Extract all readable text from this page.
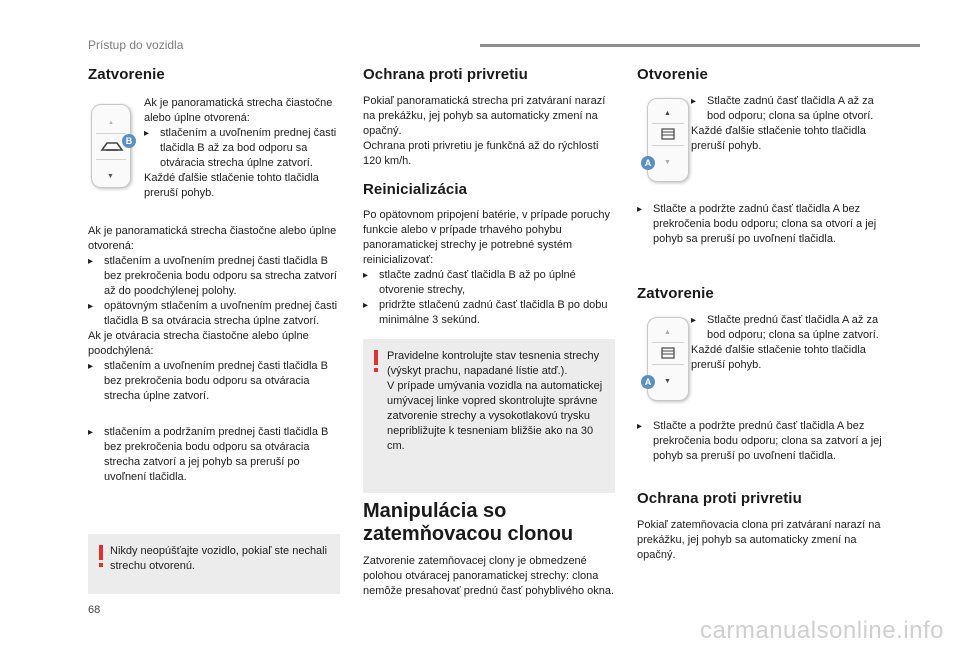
Prístup do vozidla
Zatvorenie
▲
▼
B

Ak je panoramatická strecha čiastočne alebo úplne otvorená:

▸ stlačením a uvoľnením prednej časti tlačidla B až za bod odporu sa otváracia strecha úplne zatvorí.

Každé ďalšie stlačenie tohto tlačidla preruší pohyb.

Ak je panoramatická strecha čiastočne alebo úplne otvorená:

▸ stlačením a uvoľnením prednej časti tlačidla B bez prekročenia bodu odporu sa strecha zatvorí až do poodchýlenej polohy.
▸ opätovným stlačením a uvoľnením prednej časti tlačidla B sa otváracia strecha úplne zatvorí.

Ak je otváracia strecha čiastočne alebo úplne poodchýlená:

▸ stlačením a uvoľnením prednej časti tlačidla B bez prekročenia bodu odporu sa otváracia strecha úplne zatvorí.
▸ stlačením a podržaním prednej časti tlačidla B bez prekročenia bodu odporu sa otváracia strecha zatvorí a jej pohyb sa preruší po uvoľnení tlačidla.
Nikdy neopúšťajte vozidlo, pokiaľ ste nechali strechu otvorenú.
Ochrana proti privretiu

Pokiaľ panoramatická strecha pri zatváraní narazí na prekážku, jej pohyb sa automaticky zmení na opačný.

Ochrana proti privretiu je funkčná až do rýchlosti 120 km/h.

Reinicializácia

Po opätovnom pripojení batérie, v prípade poruchy funkcie alebo v prípade trhavého pohybu panoramatickej strechy je potrebné systém reinicializovať:

▸ stlačte zadnú časť tlačidla B až po úplné otvorenie strechy,
▸ pridržte stlačenú zadnú časť tlačidla B po dobu minimálne 3 sekúnd.
Pravidelne kontrolujte stav tesnenia strechy (výskyt prachu, napadané lístie atď.).
V prípade umývania vozidla na automatickej umývacej linke vopred skontrolujte správne zatvorenie strechy a vysokotlakovú trysku nepribližujte k tesneniam bližšie ako na 30 cm.
Manipulácia so zatemňovacou clonou

Zatvorenie zatemňovacej clony je obmedzené polohou otváracej panoramatickej strechy: clona nemôže presahovať prednú časť pohyblivého okna.

Otvorenie
▲
▼
A
▸ Stlačte zadnú časť tlačidla A až za bod odporu; clona sa úplne otvorí.

Každé ďalšie stlačenie tohto tlačidla preruší pohyb.

▸ Stlačte a podržte zadnú časť tlačidla A bez prekročenia bodu odporu; clona sa otvorí a jej pohyb sa preruší po uvoľnení tlačidla.
Zatvorenie
▲
▼
A
▸ Stlačte prednú časť tlačidla A až za bod odporu; clona sa úplne zatvorí.

Každé ďalšie stlačenie tohto tlačidla preruší pohyb.

▸ Stlačte a podržte prednú časť tlačidla A bez prekročenia bodu odporu; clona sa zatvorí a jej pohyb sa preruší po uvoľnení tlačidla.
Ochrana proti privretiu

Pokiaľ zatemňovacia clona pri zatváraní narazí na prekážku, jej pohyb sa automaticky zmení na opačný.

68
carmanualsonline.info
